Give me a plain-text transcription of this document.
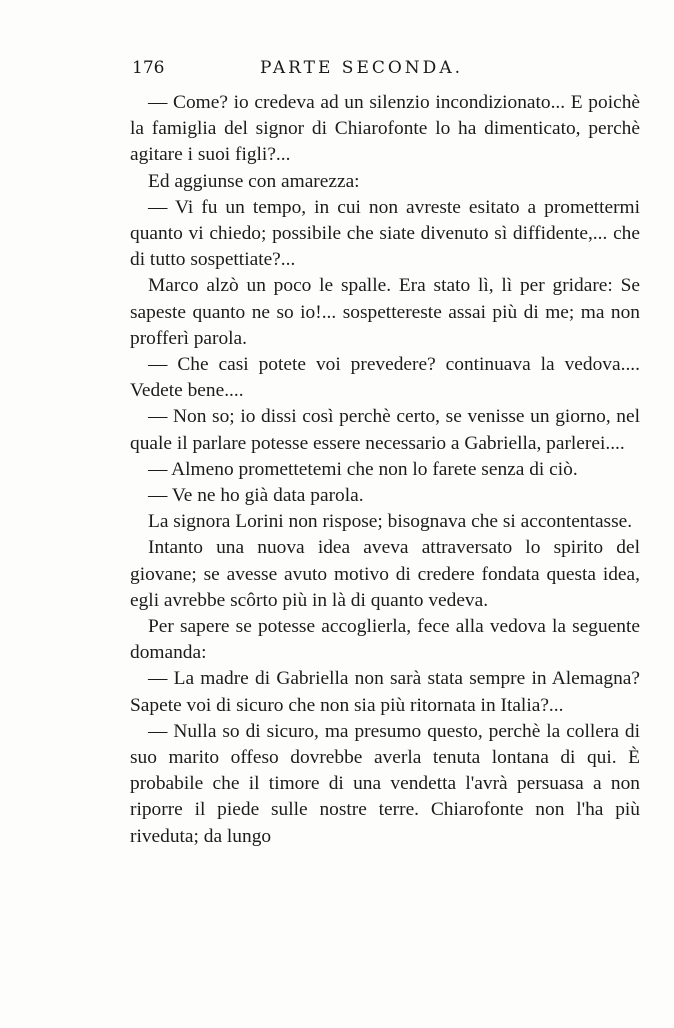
176	PARTE SECONDA.

— Come? io credeva ad un silenzio incondizionato... E poichè la famiglia del signor di Chiarofonte lo ha dimenticato, perchè agitare i suoi figli?...

Ed aggiunse con amarezza:

— Vi fu un tempo, in cui non avreste esitato a promettermi quanto vi chiedo; possibile che siate divenuto sì diffidente,... che di tutto sospettiate?...

Marco alzò un poco le spalle. Era stato lì, lì per gridare: Se sapeste quanto ne so io!... sospettereste assai più di me; ma non profferì parola.

— Che casi potete voi prevedere? continuava la vedova.... Vedete bene....

— Non so; io dissi così perchè certo, se venisse un giorno, nel quale il parlare potesse essere necessario a Gabriella, parlerei....

— Almeno promettetemi che non lo farete senza di ciò.

— Ve ne ho già data parola.

La signora Lorini non rispose; bisognava che si accontentasse.

Intanto una nuova idea aveva attraversato lo spirito del giovane; se avesse avuto motivo di credere fondata questa idea, egli avrebbe scôrto più in là di quanto vedeva.

Per sapere se potesse accoglierla, fece alla vedova la seguente domanda:

— La madre di Gabriella non sarà stata sempre in Alemagna? Sapete voi di sicuro che non sia più ritornata in Italia?...

— Nulla so di sicuro, ma presumo questo, perchè la collera di suo marito offeso dovrebbe averla tenuta lontana di qui. È probabile che il timore di una vendetta l'avrà persuasa a non riporre il piede sulle nostre terre. Chiarofonte non l'ha più riveduta; da lungo
